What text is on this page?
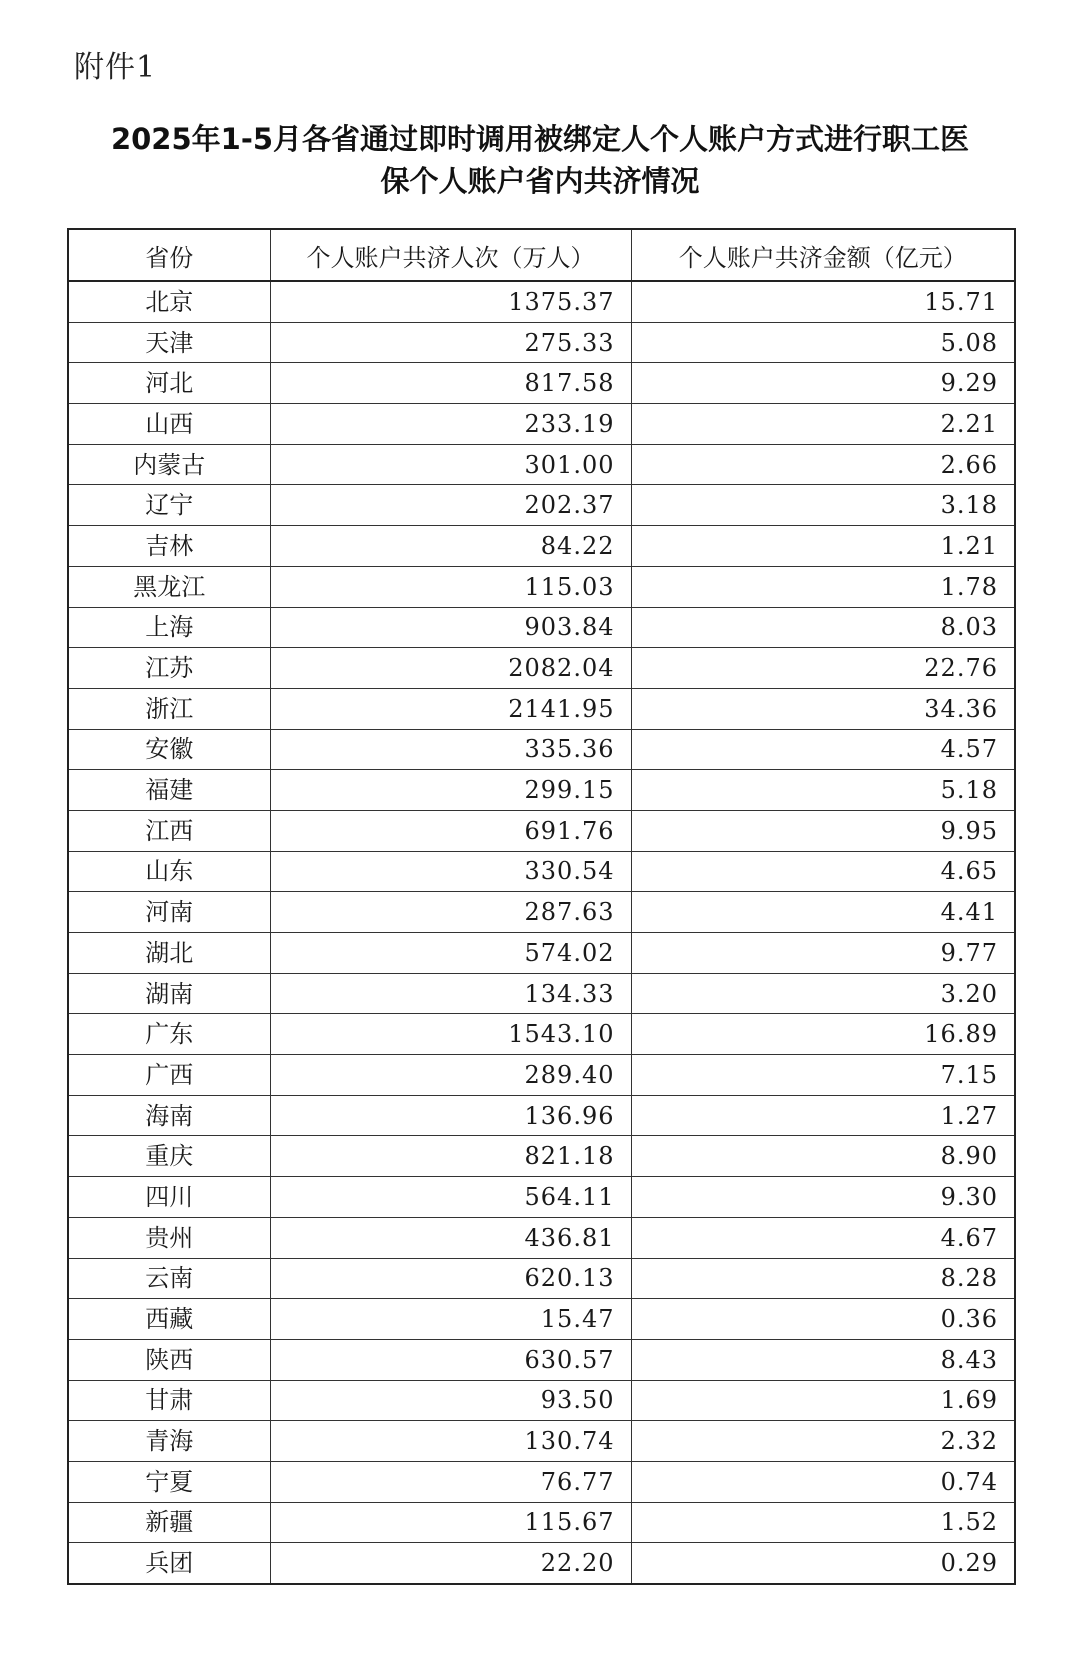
附件1
2025年1-5月各省通过即时调用被绑定人个人账户方式进行职工医
保个人账户省内共济情况
省份	个人账户共济人次（万人）	个人账户共济金额（亿元）
北京	1375.37	15.71
天津	275.33	5.08
河北	817.58	9.29
山西	233.19	2.21
内蒙古	301.00	2.66
辽宁	202.37	3.18
吉林	84.22	1.21
黑龙江	115.03	1.78
上海	903.84	8.03
江苏	2082.04	22.76
浙江	2141.95	34.36
安徽	335.36	4.57
福建	299.15	5.18
江西	691.76	9.95
山东	330.54	4.65
河南	287.63	4.41
湖北	574.02	9.77
湖南	134.33	3.20
广东	1543.10	16.89
广西	289.40	7.15
海南	136.96	1.27
重庆	821.18	8.90
四川	564.11	9.30
贵州	436.81	4.67
云南	620.13	8.28
西藏	15.47	0.36
陕西	630.57	8.43
甘肃	93.50	1.69
青海	130.74	2.32
宁夏	76.77	0.74
新疆	115.67	1.52
兵团	22.20	0.29
